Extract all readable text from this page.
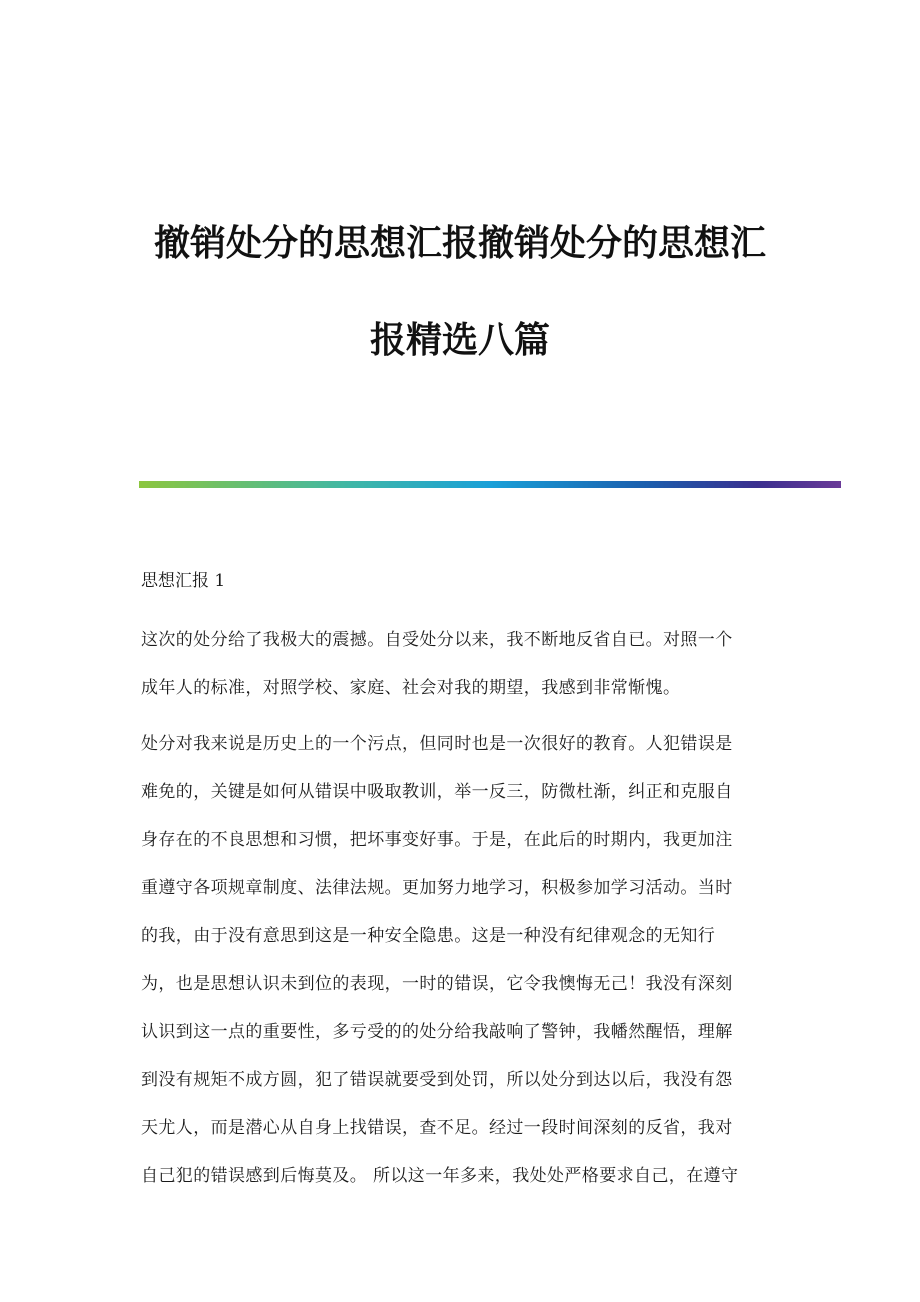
撤销处分的思想汇报撤销处分的思想汇
报精选八篇
思想汇报 1
这次的处分给了我极大的震撼。自受处分以来，我不断地反省自已。对照一个
成年人的标准，对照学校、家庭、社会对我的期望，我感到非常惭愧。
处分对我来说是历史上的一个污点，但同时也是一次很好的教育。人犯错误是
难免的，关键是如何从错误中吸取教训，举一反三，防微杜渐，纠正和克服自
身存在的不良思想和习惯，把坏事变好事。于是，在此后的时期内，我更加注
重遵守各项规章制度、法律法规。更加努力地学习，积极参加学习活动。当时
的我，由于没有意思到这是一种安全隐患。这是一种没有纪律观念的无知行
为，也是思想认识未到位的表现，一时的错误，它令我懊悔无己！我没有深刻
认识到这一点的重要性，多亏受的的处分给我敲响了警钟，我幡然醒悟，理解
到没有规矩不成方圆，犯了错误就要受到处罚，所以处分到达以后，我没有怨
天尤人，而是潜心从自身上找错误，查不足。经过一段时间深刻的反省，我对
自己犯的错误感到后悔莫及。 所以这一年多来，我处处严格要求自己，在遵守
